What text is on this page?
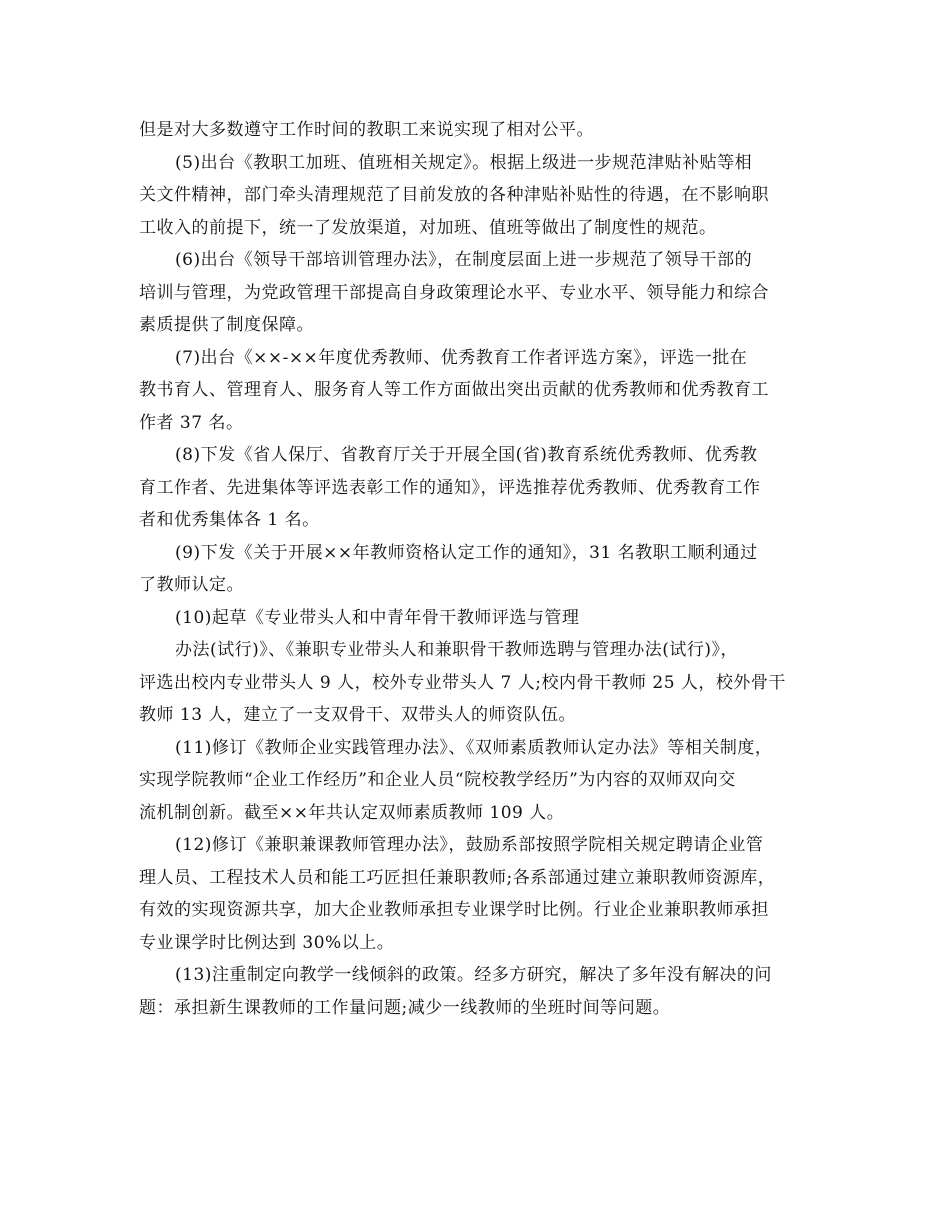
但是对大多数遵守工作时间的教职工来说实现了相对公平。
(5)出台《教职工加班、值班相关规定》。根据上级进一步规范津贴补贴等相
关文件精神，部门牵头清理规范了目前发放的各种津贴补贴性的待遇，在不影响职
工收入的前提下，统一了发放渠道，对加班、值班等做出了制度性的规范。
(6)出台《领导干部培训管理办法》，在制度层面上进一步规范了领导干部的
培训与管理，为党政管理干部提高自身政策理论水平、专业水平、领导能力和综合
素质提供了制度保障。
(7)出台《××-××年度优秀教师、优秀教育工作者评选方案》，评选一批在
教书育人、管理育人、服务育人等工作方面做出突出贡献的优秀教师和优秀教育工
作者 37 名。
(8)下发《省人保厅、省教育厅关于开展全国(省)教育系统优秀教师、优秀教
育工作者、先进集体等评选表彰工作的通知》，评选推荐优秀教师、优秀教育工作
者和优秀集体各 1 名。
(9)下发《关于开展××年教师资格认定工作的通知》，31 名教职工顺利通过
了教师认定。
(10)起草《专业带头人和中青年骨干教师评选与管理
办法(试行)》、《兼职专业带头人和兼职骨干教师选聘与管理办法(试行)》，
评选出校内专业带头人 9 人，校外专业带头人 7 人;校内骨干教师 25 人，校外骨干
教师 13 人，建立了一支双骨干、双带头人的师资队伍。
(11)修订《教师企业实践管理办法》、《双师素质教师认定办法》等相关制度，
实现学院教师“企业工作经历”和企业人员“院校教学经历”为内容的双师双向交
流机制创新。截至××年共认定双师素质教师 109 人。
(12)修订《兼职兼课教师管理办法》，鼓励系部按照学院相关规定聘请企业管
理人员、工程技术人员和能工巧匠担任兼职教师;各系部通过建立兼职教师资源库，
有效的实现资源共享，加大企业教师承担专业课学时比例。行业企业兼职教师承担
专业课学时比例达到 30%以上。
(13)注重制定向教学一线倾斜的政策。经多方研究，解决了多年没有解决的问
题：承担新生课教师的工作量问题;减少一线教师的坐班时间等问题。
